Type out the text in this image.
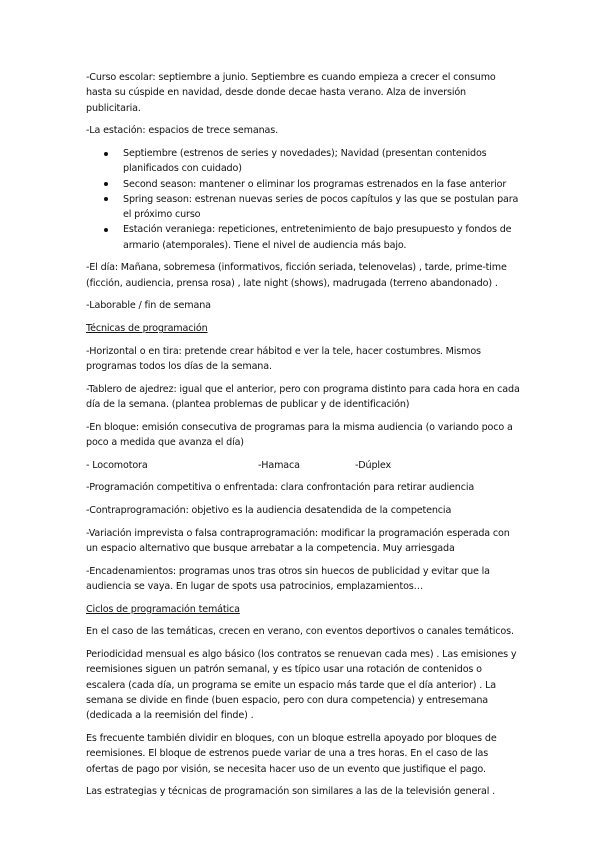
-Curso escolar: septiembre a junio. Septiembre es cuando empieza a crecer el consumo hasta su cúspide en navidad, desde donde decae hasta verano. Alza de inversión publicitaria.

-La estación: espacios de trece semanas.

Septiembre (estrenos de series y novedades); Navidad (presentan contenidos planificados con cuidado)
Second season: mantener o eliminar los programas estrenados en la fase anterior
Spring season: estrenan nuevas series de pocos capítulos y las que se postulan para el próximo curso
Estación veraniega: repeticiones, entretenimiento de bajo presupuesto y fondos de armario (atemporales). Tiene el nivel de audiencia más bajo.

-El día: Mañana, sobremesa (informativos, ficción seriada, telenovelas) , tarde, prime-time (ficción, audiencia, prensa rosa) , late night (shows), madrugada (terreno abandonado) .

-Laborable / fin de semana

Técnicas de programación

-Horizontal o en tira: pretende crear hábitod e ver la tele, hacer costumbres. Mismos programas todos los días de la semana.

-Tablero de ajedrez: igual que el anterior, pero con programa distinto para cada hora en cada día de la semana. (plantea problemas de publicar y de identificación)

-En bloque: emisión consecutiva de programas para la misma audiencia (o variando poco a poco a medida que avanza el día)

- Locomotora	-Hamaca	-Dúplex

-Programación competitiva o enfrentada: clara confrontación para retirar audiencia

-Contraprogramación: objetivo es la audiencia desatendida de la competencia

-Variación imprevista o falsa contraprogramación: modificar la programación esperada con un espacio alternativo que busque arrebatar a la competencia. Muy arriesgada

-Encadenamientos: programas unos tras otros sin huecos de publicidad y evitar que la audiencia se vaya. En lugar de spots usa patrocinios, emplazamientos…

Ciclos de programación temática

En el caso de las temáticas, crecen en verano, con eventos deportivos o canales temáticos.

Periodicidad mensual es algo básico (los contratos se renuevan cada mes) . Las emisiones y reemisiones siguen un patrón semanal, y es típico usar una rotación de contenidos o escalera (cada día, un programa se emite un espacio más tarde que el día anterior) . La semana se divide en finde (buen espacio, pero con dura competencia) y entresemana (dedicada a la reemisión del finde) .

Es frecuente también dividir en bloques, con un bloque estrella apoyado por bloques de reemisiones. El bloque de estrenos puede variar de una a tres horas. En el caso de las ofertas de pago por visión, se necesita hacer uso de un evento que justifique el pago.

Las estrategias y técnicas de programación son similares a las de la televisión general .
